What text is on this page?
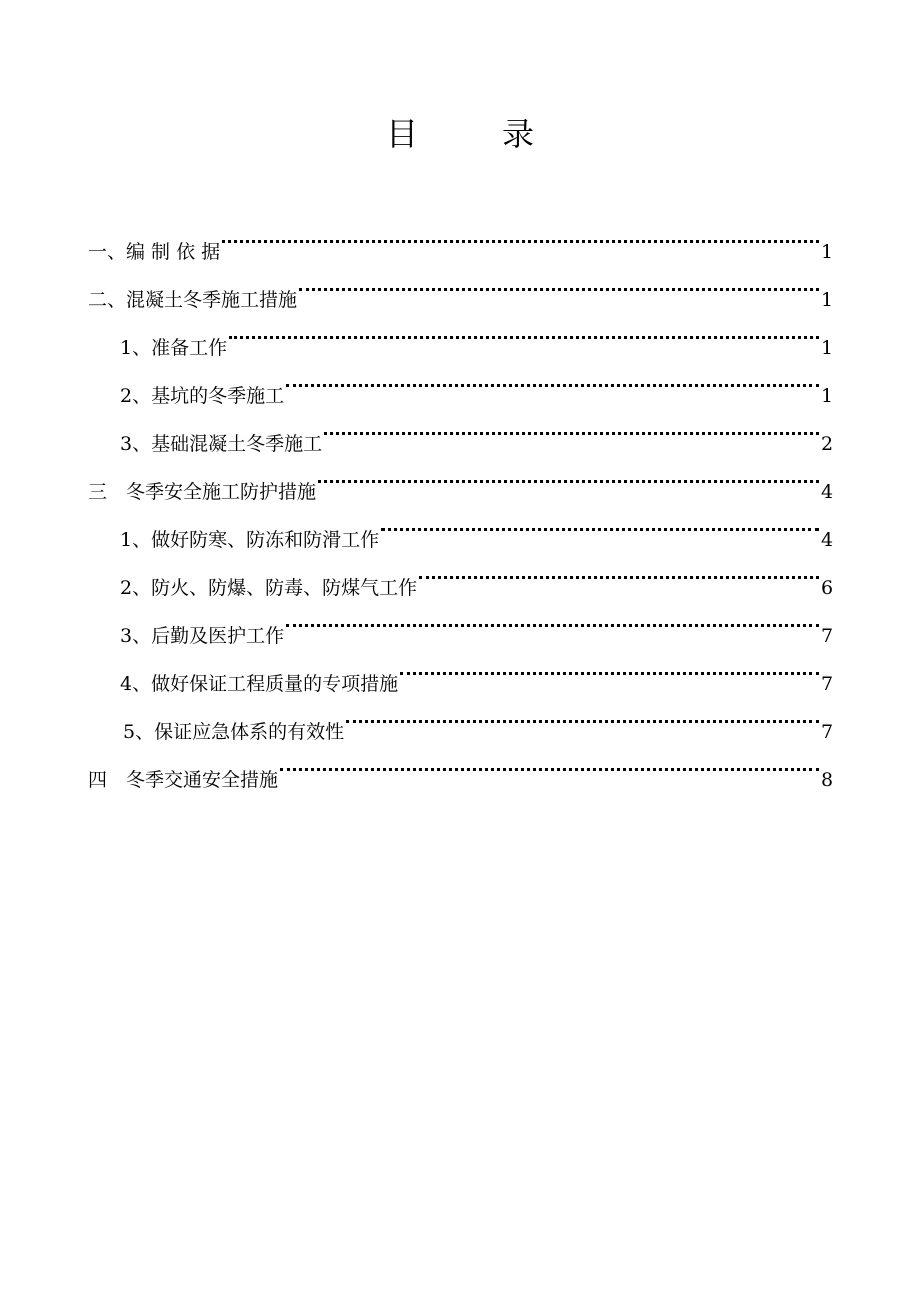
目	录
一、编 制 依 据	1
二、混凝土冬季施工措施	1
1、准备工作	1
2、基坑的冬季施工	1
3、基础混凝土冬季施工	2
三　冬季安全施工防护措施	4
1、做好防寒、防冻和防滑工作	4
2、防火、防爆、防毒、防煤气工作	6
3、后勤及医护工作	7
4、做好保证工程质量的专项措施	7
5、保证应急体系的有效性	7
四　冬季交通安全措施	8
